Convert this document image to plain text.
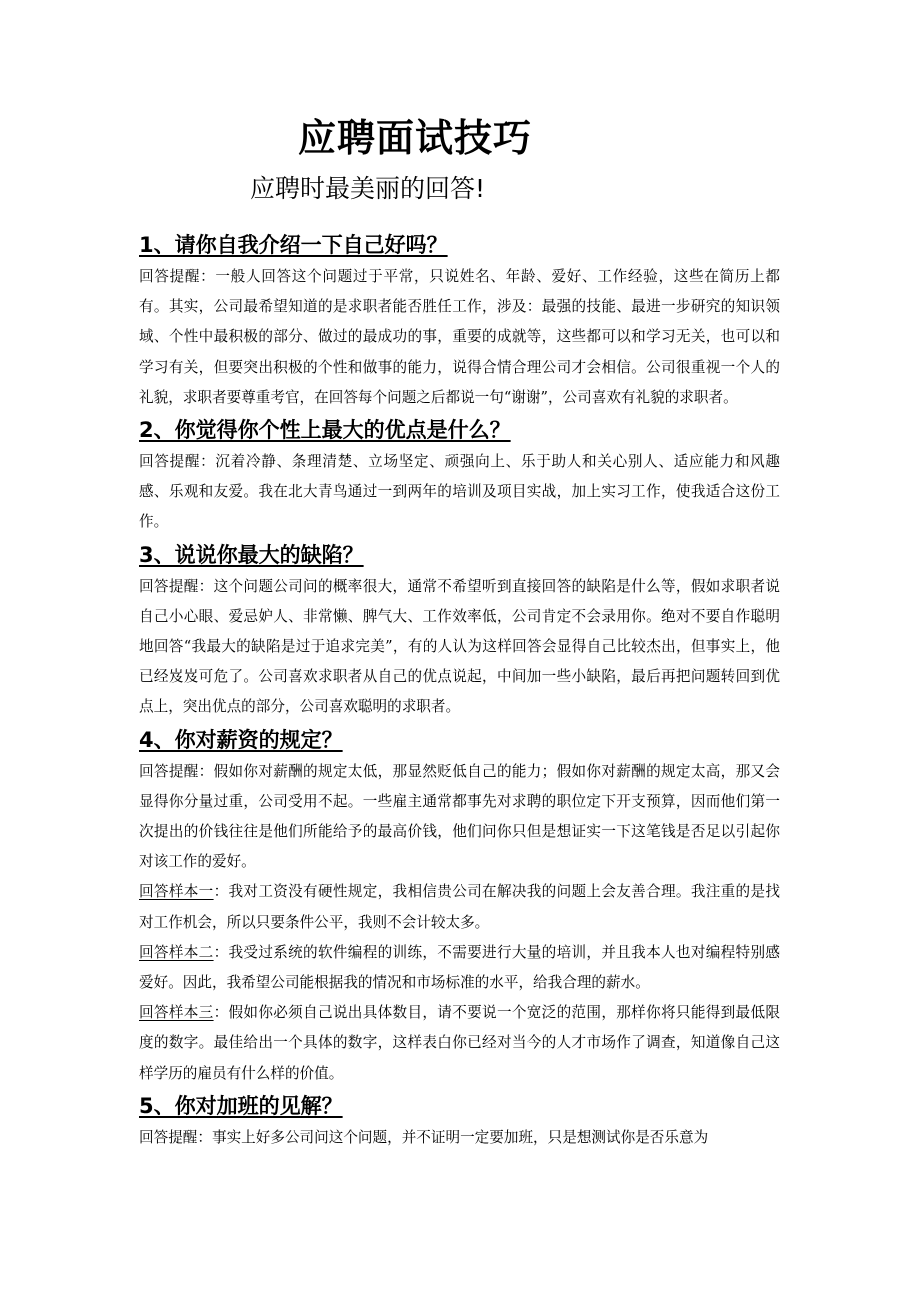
应聘面试技巧
应聘时最美丽的回答!
1、请你自我介绍一下自己好吗？

回答提醒：一般人回答这个问题过于平常，只说姓名、年龄、爱好、工作经验，这些在简历上都有。其实，公司最希望知道的是求职者能否胜任工作，涉及：最强的技能、最进一步研究的知识领域、个性中最积极的部分、做过的最成功的事，重要的成就等，这些都可以和学习无关，也可以和学习有关，但要突出积极的个性和做事的能力，说得合情合理公司才会相信。公司很重视一个人的礼貌，求职者要尊重考官，在回答每个问题之后都说一句“谢谢”，公司喜欢有礼貌的求职者。

2、你觉得你个性上最大的优点是什么？

回答提醒：沉着冷静、条理清楚、立场坚定、顽强向上、乐于助人和关心别人、适应能力和风趣感、乐观和友爱。我在北大青鸟通过一到两年的培训及项目实战，加上实习工作，使我适合这份工作。

3、说说你最大的缺陷？

回答提醒：这个问题公司问的概率很大，通常不希望听到直接回答的缺陷是什么等，假如求职者说自己小心眼、爱忌妒人、非常懒、脾气大、工作效率低，公司肯定不会录用你。绝对不要自作聪明地回答“我最大的缺陷是过于追求完美”，有的人认为这样回答会显得自己比较杰出，但事实上，他已经岌岌可危了。公司喜欢求职者从自己的优点说起，中间加一些小缺陷，最后再把问题转回到优点上，突出优点的部分，公司喜欢聪明的求职者。

4、你对薪资的规定？

回答提醒：假如你对薪酬的规定太低，那显然贬低自己的能力；假如你对薪酬的规定太高，那又会显得你分量过重，公司受用不起。一些雇主通常都事先对求聘的职位定下开支预算，因而他们第一次提出的价钱往往是他们所能给予的最高价钱，他们问你只但是想证实一下这笔钱是否足以引起你对该工作的爱好。

回答样本一：我对工资没有硬性规定，我相信贵公司在解决我的问题上会友善合理。我注重的是找对工作机会，所以只要条件公平，我则不会计较太多。

回答样本二：我受过系统的软件编程的训练，不需要进行大量的培训，并且我本人也对编程特别感爱好。因此，我希望公司能根据我的情况和市场标准的水平，给我合理的薪水。

回答样本三：假如你必须自己说出具体数目，请不要说一个宽泛的范围，那样你将只能得到最低限度的数字。最佳给出一个具体的数字，这样表白你已经对当今的人才市场作了调查，知道像自己这样学历的雇员有什么样的价值。

5、你对加班的见解？

回答提醒：事实上好多公司问这个问题，并不证明一定要加班，只是想测试你是否乐意为
